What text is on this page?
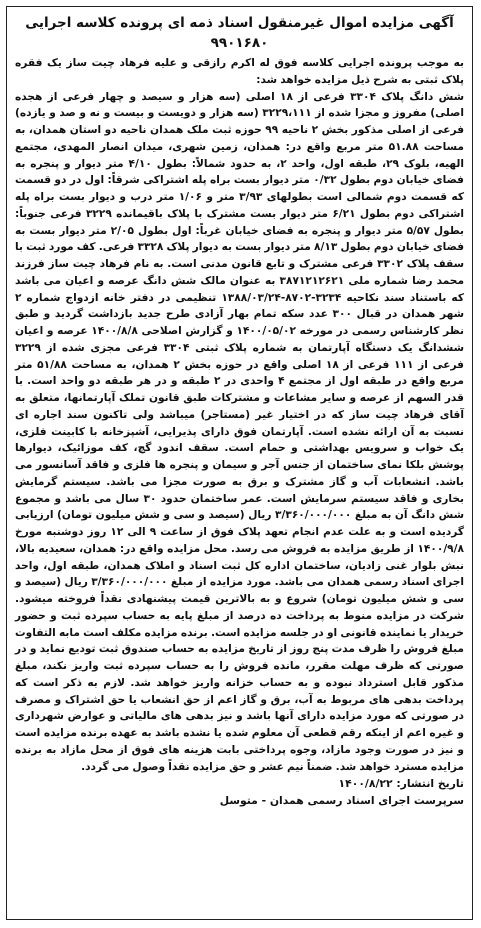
آگهی مزایده اموال غیرمنقول اسناد ذمه ای پرونده کلاسه اجرایی ۹۹۰۱۶۸۰

به موجب پرونده اجرایی کلاسه فوق له اکرم رازقی و علیه فرهاد چیت ساز یک فقره پلاک ثبتی به شرح ذیل مزایده خواهد شد:

شش دانگ پلاک ۳۳۰۴ فرعی از ۱۸ اصلی (سه هزار و سیصد و چهار فرعی از هجده اصلی) مفروز و مجزا شده از ۳۲۲۹،۱۱۱ (سه هزار و دویست و بیست و نه و صد و یازده) فرعی از اصلی مذکور بخش ۲ ناحیه ۹۹ حوزه ثبت ملک همدان ناحیه دو استان همدان، به مساحت ۵۱.۸۸ متر مربع واقع در: همدان، زمین شهری، میدان انصار المهدی، مجتمع الهیه، بلوک ۲۹، طبقه اول، واحد ۲، به حدود شمالاً: بطول ۴/۱۰ متر دیوار و پنجره به فضای خیابان دوم بطول ۰/۳۲ متر دیوار بست براه پله اشتراکی شرقاً: اول در دو قسمت که قسمت دوم شمالی است بطولهای ۳/۹۳ متر و ۱/۰۶ متر درب و دیوار بست براه پله اشتراکی دوم بطول ۶/۲۱ متر دیوار بست مشترک با پلاک باقیمانده ۳۲۲۹ فرعی جنوباً: بطول ۵/۵۷ متر دیوار و پنجره به فضای خیابان غرباً: اول بطول ۲/۰۵ متر دیوار بست به فضای خیابان دوم بطول ۸/۱۳ متر دیوار بست به دیوار پلاک ۳۳۲۸ فرعی. کف مورد ثبت با سقف پلاک ۳۳۰۲ فرعی مشترک و تابع قانون مدنی است. به نام فرهاد چیت ساز فرزند محمد رضا شماره ملی ۳۸۷۱۲۱۲۶۲۱ به عنوان مالک شش دانگ عرصه و اعیان می باشد که باستناد سند نکاحیه ۳۲۳۴-۸۷۰۲-۱۳۸۸/۰۳/۲۴ تنظیمی در دفتر خانه ازدواج شماره ۲ شهر همدان در قبال ۳۰۰ عدد سکه تمام بهار آزادی طرح جدید بازداشت گردید و طبق نظر کارشناس رسمی در مورخه ۱۴۰۰/۰۵/۰۲ و گزارش اصلاحی ۱۴۰۰/۸/۸ عرصه و اعیان ششدانگ یک دستگاه آپارتمان به شماره پلاک ثبتی ۳۳۰۴ فرعی مجزی شده از ۳۲۲۹ فرعی از ۱۱۱ فرعی از ۱۸ اصلی واقع در حوزه بخش ۲ همدان، به مساحت ۵۱/۸۸ متر مربع واقع در طبقه اول از مجتمع ۴ واحدی در ۲ طبقه و در هر طبقه دو واحد است. با قدر السهم از عرصه و سایر مشاعات و مشترکات طبق قانون تملک آپارتمانها، متعلق به آقای فرهاد چیت ساز که در اختیار غیر (مستاجر) میباشد ولی تاکنون سند اجاره ای نسبت به آن ارائه نشده است. آپارتمان فوق دارای پذیرایی، آشپزخانه با کابینت فلزی، یک خواب و سرویس بهداشتی و حمام است. سقف اندود گچ، کف موزائیک، دیوارها پوشش بلکا نمای ساختمان از جنس آجر و سیمان و پنجره ها فلزی و فاقد آسانسور می باشد. انشعابات آب و گاز مشترک و برق به صورت مجزا می باشد. سیستم گرمایش بخاری و فاقد سیستم سرمایش است. عمر ساختمان حدود ۳۰ سال می باشد و مجموع شش دانگ آن به مبلغ ۳/۳۶۰/۰۰۰/۰۰۰ ریال (سیصد و سی و شش میلیون تومان) ارزیابی گردیده است و به علت عدم انجام تعهد پلاک فوق از ساعت ۹ الی ۱۲ روز دوشنبه مورخ ۱۴۰۰/۹/۸ از طریق مزایده به فروش می رسد. محل مزایده واقع در: همدان، سعیدیه بالا، نبش بلوار غنی زادیان، ساختمان اداره کل ثبت اسناد و املاک همدان، طبقه اول، واحد اجرای اسناد رسمی همدان می باشد. مورد مزایده از مبلغ ۳/۳۶۰/۰۰۰/۰۰۰ ریال (سیصد و سی و شش میلیون تومان) شروع و به بالاترین قیمت پیشنهادی نقداً فروخته میشود. شرکت در مزایده منوط به پرداخت ده درصد از مبلغ پایه به حساب سپرده ثبت و حضور خریدار یا نماینده قانونی او در جلسه مزایده است. برنده مزایده مکلف است مابه التفاوت مبلغ فروش را ظرف مدت پنج روز از تاریخ مزایده به حساب صندوق ثبت تودیع نماید و در صورتی که ظرف مهلت مقرر، مانده فروش را به حساب سپرده ثبت واریز نکند، مبلغ مذکور قابل استرداد نبوده و به حساب خزانه واریز خواهد شد. لازم به ذکر است که پرداخت بدهی های مربوط به آب، برق و گاز اعم از حق انشعاب یا حق اشتراک و مصرف در صورتی که مورد مزایده دارای آنها باشد و نیز بدهی های مالیاتی و عوارض شهرداری و غیره اعم از اینکه رقم قطعی آن معلوم شده یا نشده باشد به عهده برنده مزایده است و نیز در صورت وجود مازاد، وجوه پرداختی بابت هزینه های فوق از محل مازاد به برنده مزایده مسترد خواهد شد. ضمناً نیم عشر و حق مزایده نقداً وصول می گردد.

تاریخ انتشار: ۱۴۰۰/۸/۲۲

سرپرست اجرای اسناد رسمی همدان - متوسل
